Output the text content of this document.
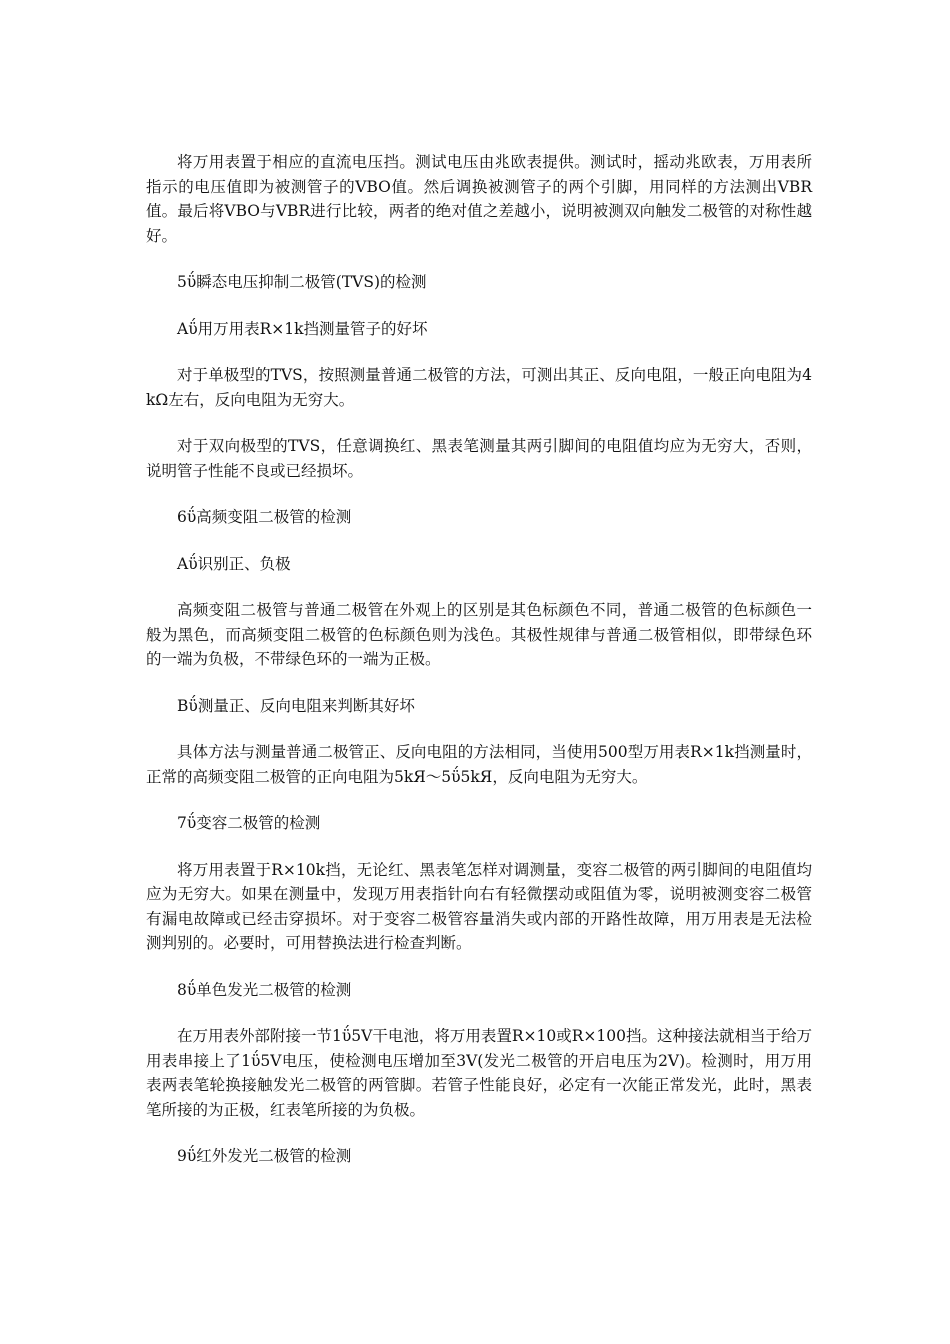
将万用表置于相应的直流电压挡。测试电压由兆欧表提供。测试时，摇动兆欧表，万用表所指示的电压值即为被测管子的VBO值。然后调换被测管子的两个引脚，用同样的方法测出VBR值。最后将VBO与VBR进行比较，两者的绝对值之差越小，说明被测双向触发二极管的对称性越好。

5ΰ瞬态电压抑制二极管(TVS)的检测

Aΰ用万用表R×1k挡测量管子的好坏

对于单极型的TVS，按照测量普通二极管的方法，可测出其正、反向电阻，一般正向电阻为4kΩ左右，反向电阻为无穷大。

对于双向极型的TVS，任意调换红、黑表笔测量其两引脚间的电阻值均应为无穷大，否则，说明管子性能不良或已经损坏。

6ΰ高频变阻二极管的检测

Aΰ识别正、负极

高频变阻二极管与普通二极管在外观上的区别是其色标颜色不同，普通二极管的色标颜色一般为黑色，而高频变阻二极管的色标颜色则为浅色。其极性规律与普通二极管相似，即带绿色环的一端为负极，不带绿色环的一端为正极。

Bΰ测量正、反向电阻来判断其好坏

具体方法与测量普通二极管正、反向电阻的方法相同，当使用500型万用表R×1k挡测量时，正常的高频变阻二极管的正向电阻为5kЯ～5ΰ5kЯ，反向电阻为无穷大。

7ΰ变容二极管的检测

将万用表置于R×10k挡，无论红、黑表笔怎样对调测量，变容二极管的两引脚间的电阻值均应为无穷大。如果在测量中，发现万用表指针向右有轻微摆动或阻值为零，说明被测变容二极管有漏电故障或已经击穿损坏。对于变容二极管容量消失或内部的开路性故障，用万用表是无法检测判别的。必要时，可用替换法进行检查判断。

8ΰ单色发光二极管的检测

在万用表外部附接一节1ΰ5V干电池，将万用表置R×10或R×100挡。这种接法就相当于给万用表串接上了1ΰ5V电压，使检测电压增加至3V(发光二极管的开启电压为2V)。检测时，用万用表两表笔轮换接触发光二极管的两管脚。若管子性能良好，必定有一次能正常发光，此时，黑表笔所接的为正极，红表笔所接的为负极。

9ΰ红外发光二极管的检测
